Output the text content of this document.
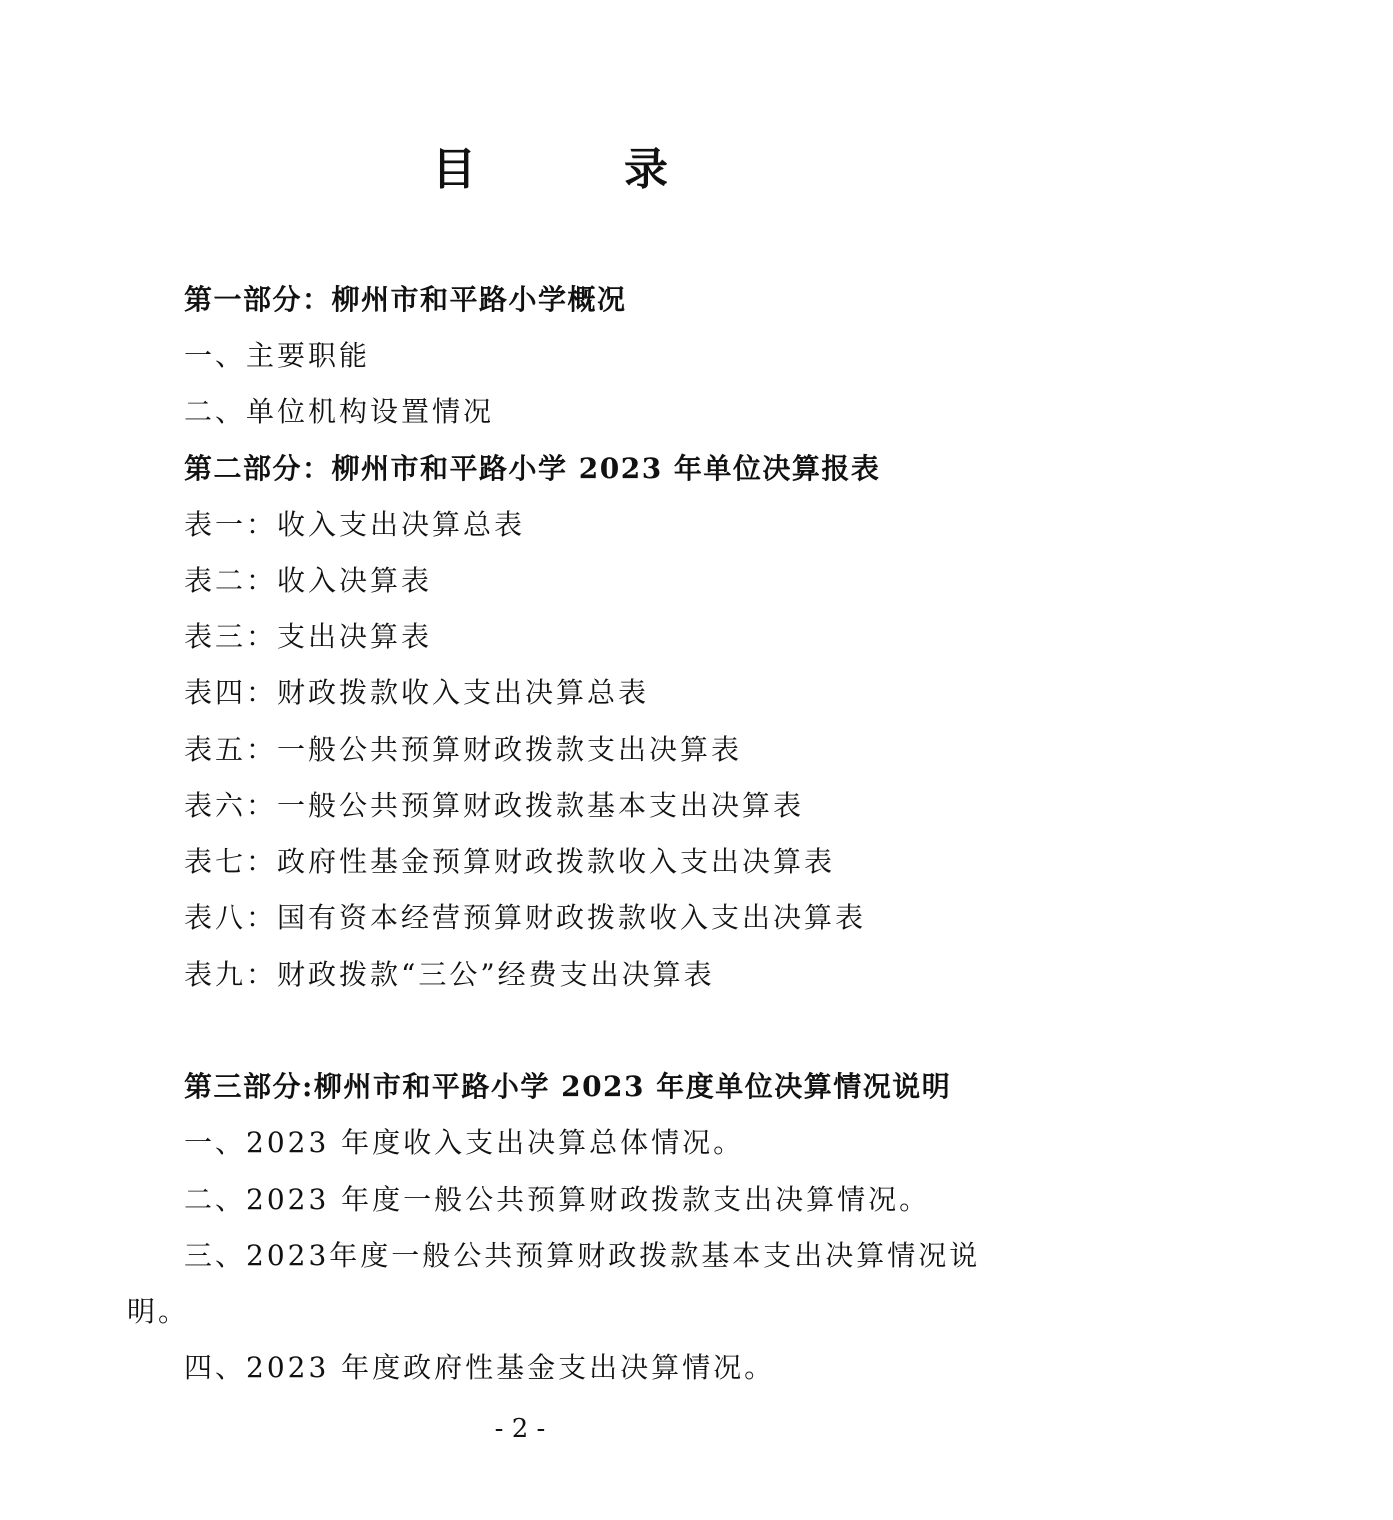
目　录
第一部分：柳州市和平路小学概况
一、主要职能
二、单位机构设置情况
第二部分：柳州市和平路小学 2023 年单位决算报表
表一：收入支出决算总表
表二：收入决算表
表三：支出决算表
表四：财政拨款收入支出决算总表
表五：一般公共预算财政拨款支出决算表
表六：一般公共预算财政拨款基本支出决算表
表七：政府性基金预算财政拨款收入支出决算表
表八：国有资本经营预算财政拨款收入支出决算表
表九：财政拨款“三公”经费支出决算表
第三部分:柳州市和平路小学 2023 年度单位决算情况说明
一、2023 年度收入支出决算总体情况。
二、2023 年度一般公共预算财政拨款支出决算情况。
三、2023年度一般公共预算财政拨款基本支出决算情况说
明。
四、2023 年度政府性基金支出决算情况。
- 2 -
